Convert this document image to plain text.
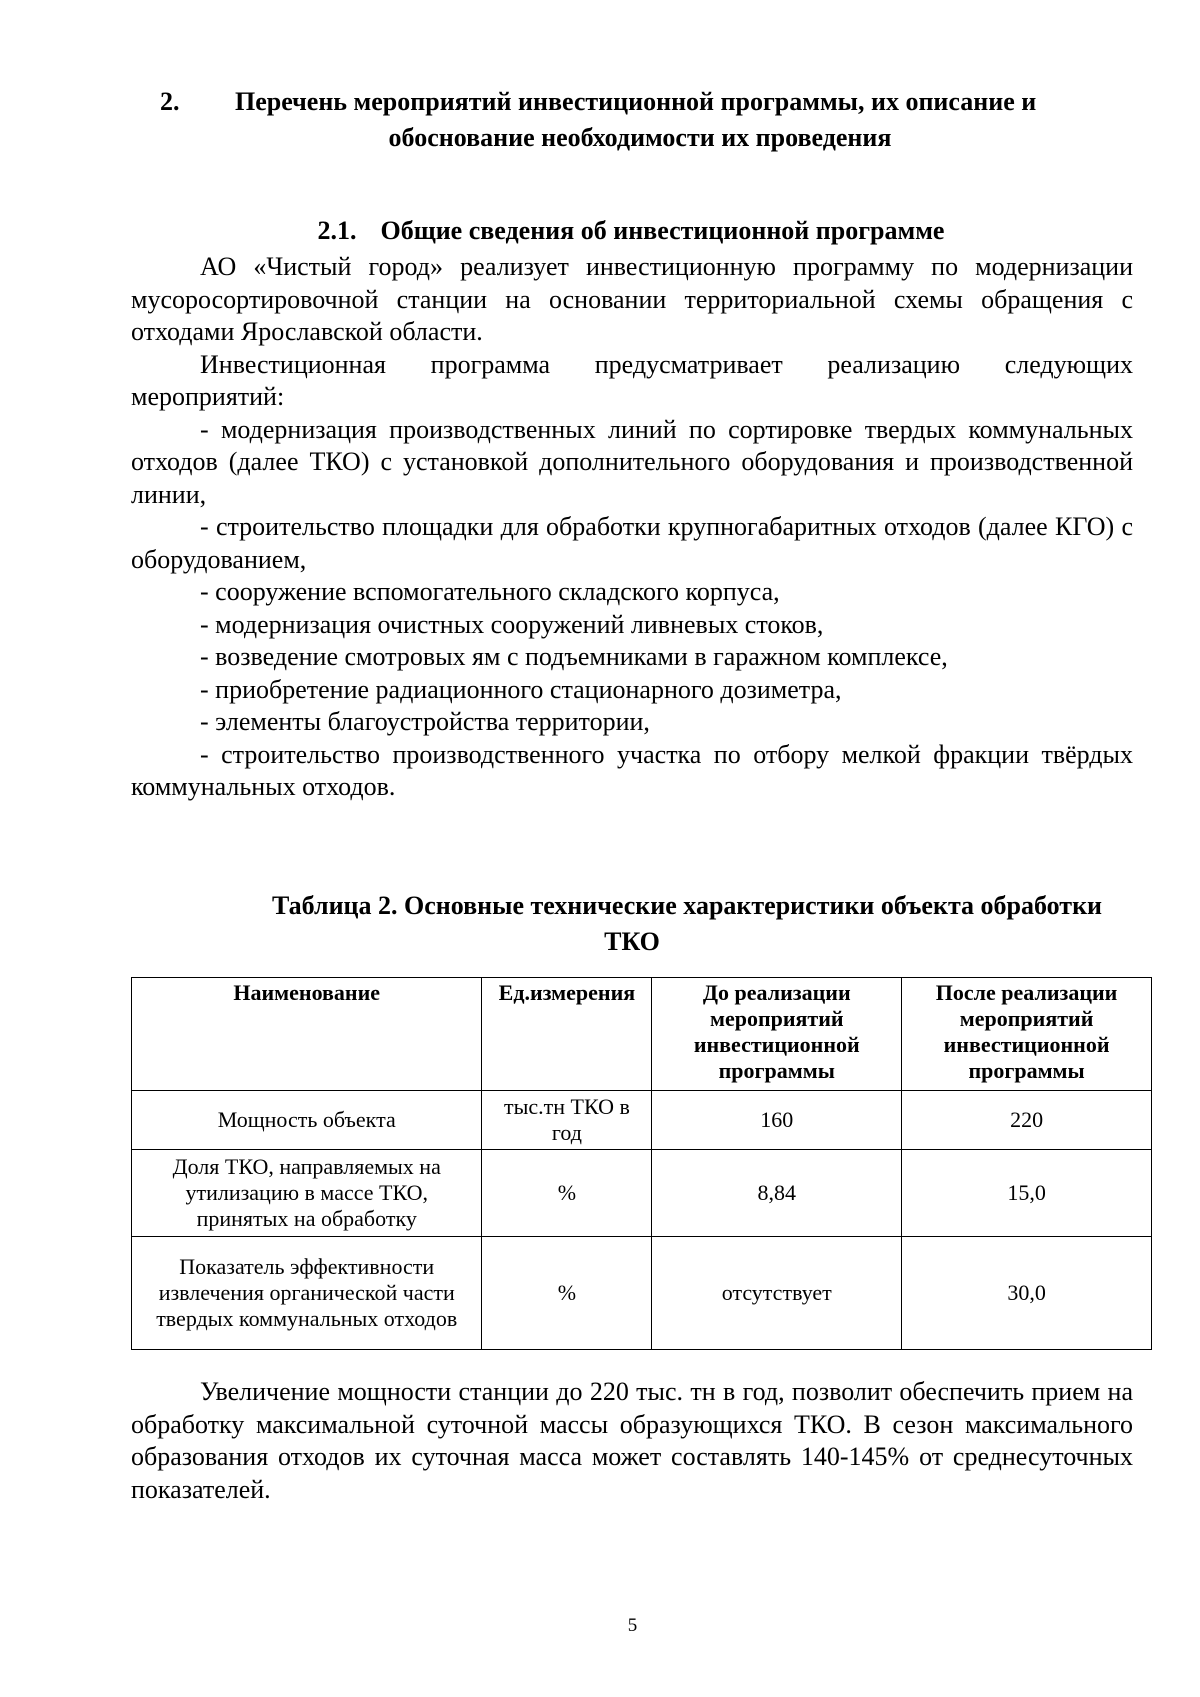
2. Перечень мероприятий инвестиционной программы, их описание и
обоснование необходимости их проведения
2.1. Общие сведения об инвестиционной программе

АО «Чистый город» реализует инвестиционную программу по модернизации мусоросортировочной станции на основании территориальной схемы обращения с отходами Ярославской области.

Инвестиционная программа предусматривает реализацию следующих мероприятий:

- модернизация производственных линий по сортировке твердых коммунальных отходов (далее ТКО) с установкой дополнительного оборудования и производственной линии,

- строительство площадки для обработки крупногабаритных отходов (далее КГО) с оборудованием,

- сооружение вспомогательного складского корпуса,

- модернизация очистных сооружений ливневых стоков,

- возведение смотровых ям с подъемниками в гаражном комплексе,

- приобретение радиационного стационарного дозиметра,

- элементы благоустройства территории,

- строительство производственного участка по отбору мелкой фракции твёрдых коммунальных отходов.

Таблица 2. Основные технические характеристики объекта обработки
ТКО
Наименование	Ед.измерения	До реализации мероприятий инвестиционной программы	После реализации мероприятий инвестиционной программы
Мощность объекта	тыс.тн ТКО в год	160	220
Доля ТКО, направляемых на утилизацию в массе ТКО, принятых на обработку	%	8,84	15,0
Показатель эффективности извлечения органической части твердых коммунальных отходов	%	отсутствует	30,0

Увеличение мощности станции до 220 тыс. тн в год, позволит обеспечить прием на обработку максимальной суточной массы образующихся ТКО. В сезон максимального образования отходов их суточная масса может составлять 140-145% от среднесуточных показателей.

5
